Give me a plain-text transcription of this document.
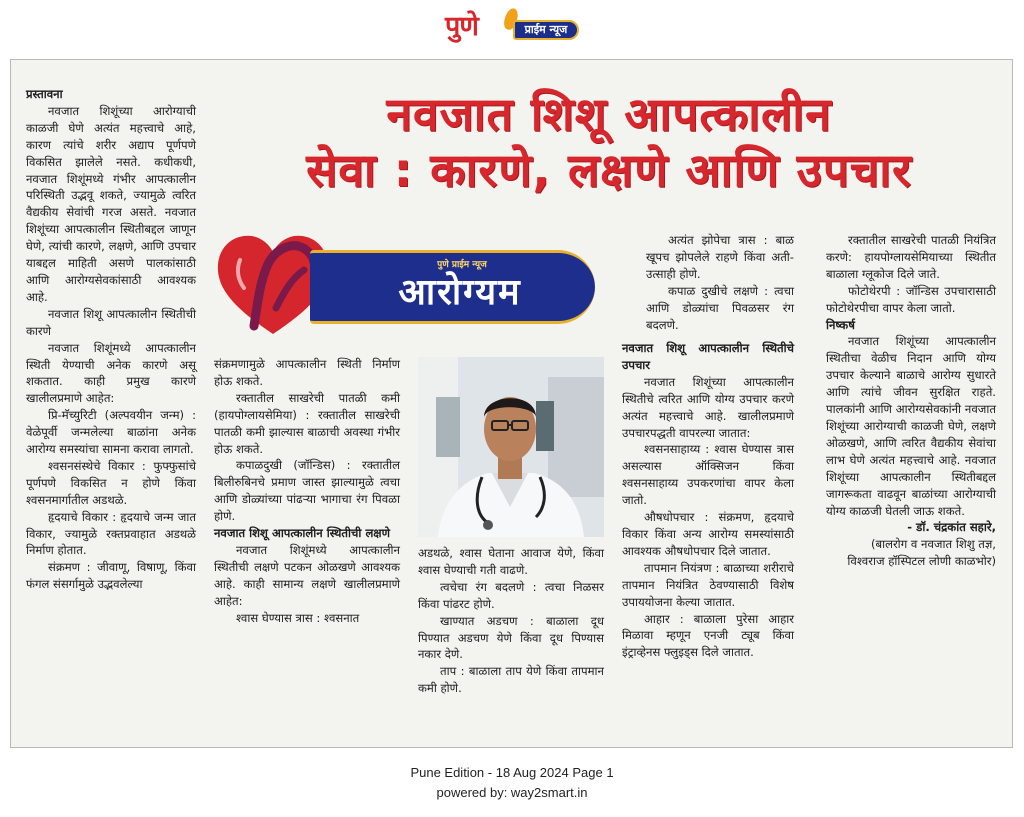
पुणे	प्राईम न्यूज
नवजात शिशू आपत्कालीन
सेवा : कारणे, लक्षणे आणि उपचार
पुणे प्राईम न्यूज
आरोग्यम

प्रस्तावना

नवजात शिशूंच्या आरोग्याची काळजी घेणे अत्यंत महत्त्वाचे आहे, कारण त्यांचे शरीर अद्याप पूर्णपणे विकसित झालेले नसते. कधीकधी, नवजात शिशूंमध्ये गंभीर आपत्कालीन परिस्थिती उद्भवू शकते, ज्यामुळे त्वरित वैद्यकीय सेवांची गरज असते. नवजात शिशूंच्या आपत्कालीन स्थितीबद्दल जाणून घेणे, त्यांची कारणे, लक्षणे, आणि उपचार याबद्दल माहिती असणे पालकांसाठी आणि आरोग्यसेवकांसाठी आवश्यक आहे.

नवजात शिशू आपत्कालीन स्थितीची कारणे

नवजात शिशूंमध्ये आपत्कालीन स्थिती येण्याची अनेक कारणे असू शकतात. काही प्रमुख कारणे खालीलप्रमाणे आहेत:

प्रि-मॅच्युरिटी (अल्पवयीन जन्म) : वेळेपूर्वी जन्मलेल्या बाळांना अनेक आरोग्य समस्यांचा सामना करावा लागतो.

श्वसनसंस्थेचे विकार : फुफ्फुसांचे पूर्णपणे विकसित न होणे किंवा श्वसनमार्गातील अडथळे.

हृदयाचे विकार : हृदयाचे जन्म जात विकार, ज्यामुळे रक्तप्रवाहात अडथळे निर्माण होतात.

संक्रमण : जीवाणू, विषाणू, किंवा फंगल संसर्गामुळे उद्भवलेल्या

संक्रमणामुळे आपत्कालीन स्थिती निर्माण होऊ शकते.

रक्तातील साखरेची पातळी कमी (हायपोग्लायसेमिया) : रक्तातील साखरेची पातळी कमी झाल्यास बाळाची अवस्था गंभीर होऊ शकते.

कपाळदुखी (जॉन्डिस) : रक्तातील बिलीरुबिनचे प्रमाण जास्त झाल्यामुळे त्वचा आणि डोळ्यांच्या पांढऱ्या भागाचा रंग पिवळा होणे.

नवजात शिशू आपत्कालीन स्थितीची लक्षणे

नवजात शिशूंमध्ये आपत्कालीन स्थितीची लक्षणे पटकन ओळखणे आवश्यक आहे. काही सामान्य लक्षणे खालीलप्रमाणे आहेत:

श्वास घेण्यास त्रास : श्वसनात

अडथळे, श्वास घेताना आवाज येणे, किंवा श्वास घेण्याची गती वाढणे.

त्वचेचा रंग बदलणे : त्वचा निळसर किंवा पांढरट होणे.

खाण्यात अडचण : बाळाला दूध पिण्यात अडचण येणे किंवा दूध पिण्यास नकार देणे.

ताप : बाळाला ताप येणे किंवा तापमान कमी होणे.

अत्यंत झोपेचा त्रास : बाळ खूपच झोपलेले राहणे किंवा अती-उत्साही होणे.

कपाळ दुखीचे लक्षणे : त्वचा आणि डोळ्यांचा पिवळसर रंग बदलणे.

नवजात शिशू आपत्कालीन स्थितीचे उपचार

नवजात शिशूंच्या आपत्कालीन स्थितीचे त्वरित आणि योग्य उपचार करणे अत्यंत महत्त्वाचे आहे. खालीलप्रमाणे उपचारपद्धती वापरल्या जातात:

श्वसनसाहाय्य : श्वास घेण्यास त्रास असल्यास ऑक्सिजन किंवा श्वसनसाहाय्य उपकरणांचा वापर केला जातो.

औषधोपचार : संक्रमण, हृदयाचे विकार किंवा अन्य आरोग्य समस्यांसाठी आवश्यक औषधोपचार दिले जातात.

तापमान नियंत्रण : बाळाच्या शरीराचे तापमान नियंत्रित ठेवण्यासाठी विशेष उपाययोजना केल्या जातात.

आहार : बाळाला पुरेसा आहार मिळावा म्हणून एनजी ट्यूब किंवा इंट्राव्हेनस फ्लुइड्स दिले जातात.

रक्तातील साखरेची पातळी नियंत्रित करणे: हायपोग्लायसेमियाच्या स्थितीत बाळाला ग्लूकोज दिले जाते.

फोटोथेरपी : जॉन्डिस उपचारासाठी फोटोथेरपीचा वापर केला जातो.

निष्कर्ष

नवजात शिशूंच्या आपत्कालीन स्थितीचा वेळीच निदान आणि योग्य उपचार केल्याने बाळाचे आरोग्य सुधारते आणि त्यांचे जीवन सुरक्षित राहते. पालकांनी आणि आरोग्यसेवकांनी नवजात शिशूंच्या आरोग्याची काळजी घेणे, लक्षणे ओळखणे, आणि त्वरित वैद्यकीय सेवांचा लाभ घेणे अत्यंत महत्त्वाचे आहे. नवजात शिशूंच्या आपत्कालीन स्थितीबद्दल जागरूकता वाढवून बाळांच्या आरोग्याची योग्य काळजी घेतली जाऊ शकते.

- डॉ. चंद्रकांत सहारे,

(बालरोग व नवजात शिशु तज्ञ,

विश्वराज हॉस्पिटल लोणी काळभोर)

Pune Edition - 18 Aug 2024 Page 1
powered by: way2smart.in
